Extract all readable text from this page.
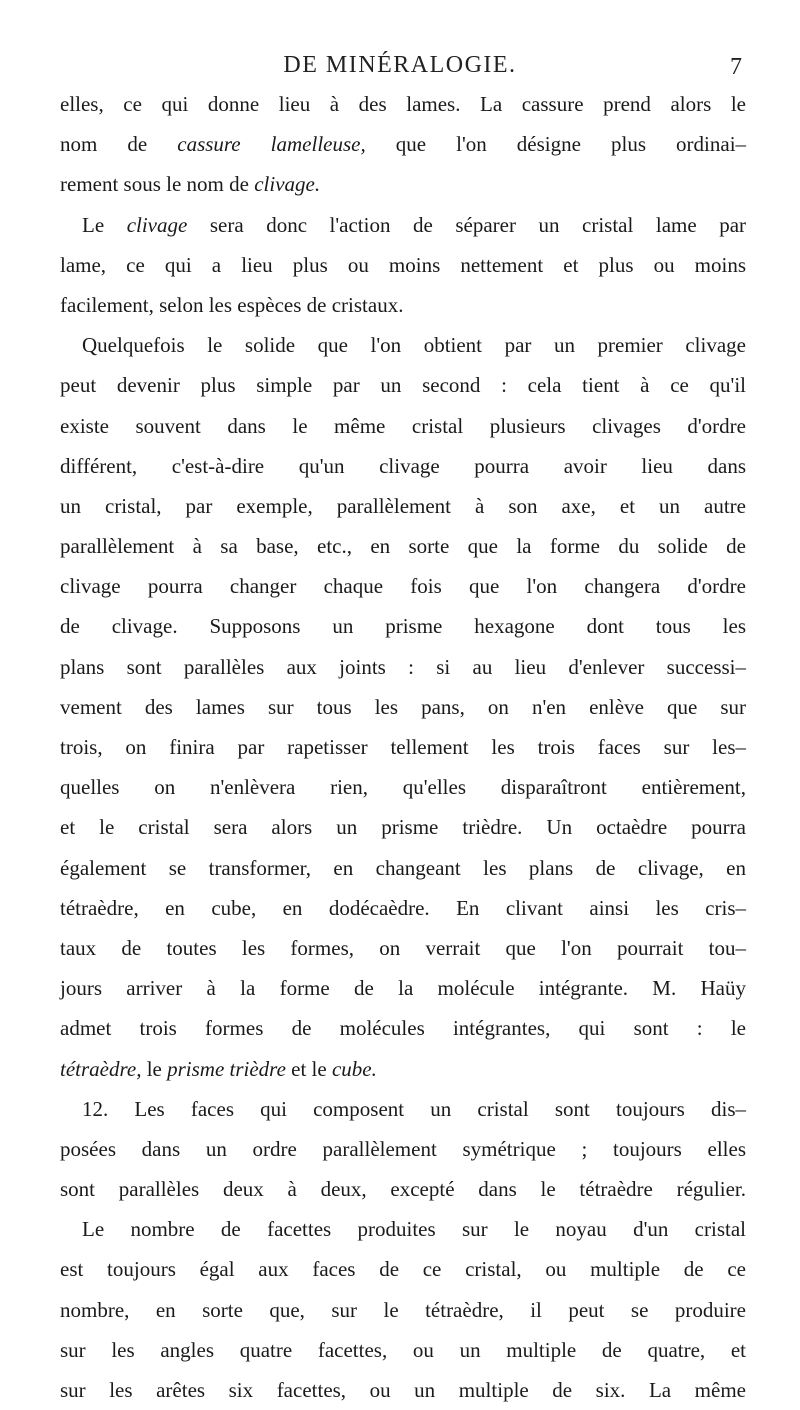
DE MINÉRALOGIE.	7
elles, ce qui donne lieu à des lames. La cassure prend alors le
nom de cassure lamelleuse, que l'on désigne plus ordinai–
rement sous le nom de clivage.
Le clivage sera donc l'action de séparer un cristal lame par
lame, ce qui a lieu plus ou moins nettement et plus ou moins
facilement, selon les espèces de cristaux.
Quelquefois le solide que l'on obtient par un premier clivage
peut devenir plus simple par un second : cela tient à ce qu'il
existe souvent dans le même cristal plusieurs clivages d'ordre
différent, c'est-à-dire qu'un clivage pourra avoir lieu dans
un cristal, par exemple, parallèlement à son axe, et un autre
parallèlement à sa base, etc., en sorte que la forme du solide de
clivage pourra changer chaque fois que l'on changera d'ordre
de clivage. Supposons un prisme hexagone dont tous les
plans sont parallèles aux joints : si au lieu d'enlever successi–
vement des lames sur tous les pans, on n'en enlève que sur
trois, on finira par rapetisser tellement les trois faces sur les–
quelles on n'enlèvera rien, qu'elles disparaîtront entièrement,
et le cristal sera alors un prisme trièdre. Un octaèdre pourra
également se transformer, en changeant les plans de clivage, en
tétraèdre, en cube, en dodécaèdre. En clivant ainsi les cris–
taux de toutes les formes, on verrait que l'on pourrait tou–
jours arriver à la forme de la molécule intégrante. M. Haüy
admet trois formes de molécules intégrantes, qui sont : le
tétraèdre, le prisme trièdre et le cube.
12. Les faces qui composent un cristal sont toujours dis–
posées dans un ordre parallèlement symétrique ; toujours elles
sont parallèles deux à deux, excepté dans le tétraèdre régulier.
Le nombre de facettes produites sur le noyau d'un cristal
est toujours égal aux faces de ce cristal, ou multiple de ce
nombre, en sorte que, sur le tétraèdre, il peut se produire
sur les angles quatre facettes, ou un multiple de quatre, et
sur les arêtes six facettes, ou un multiple de six. La même
